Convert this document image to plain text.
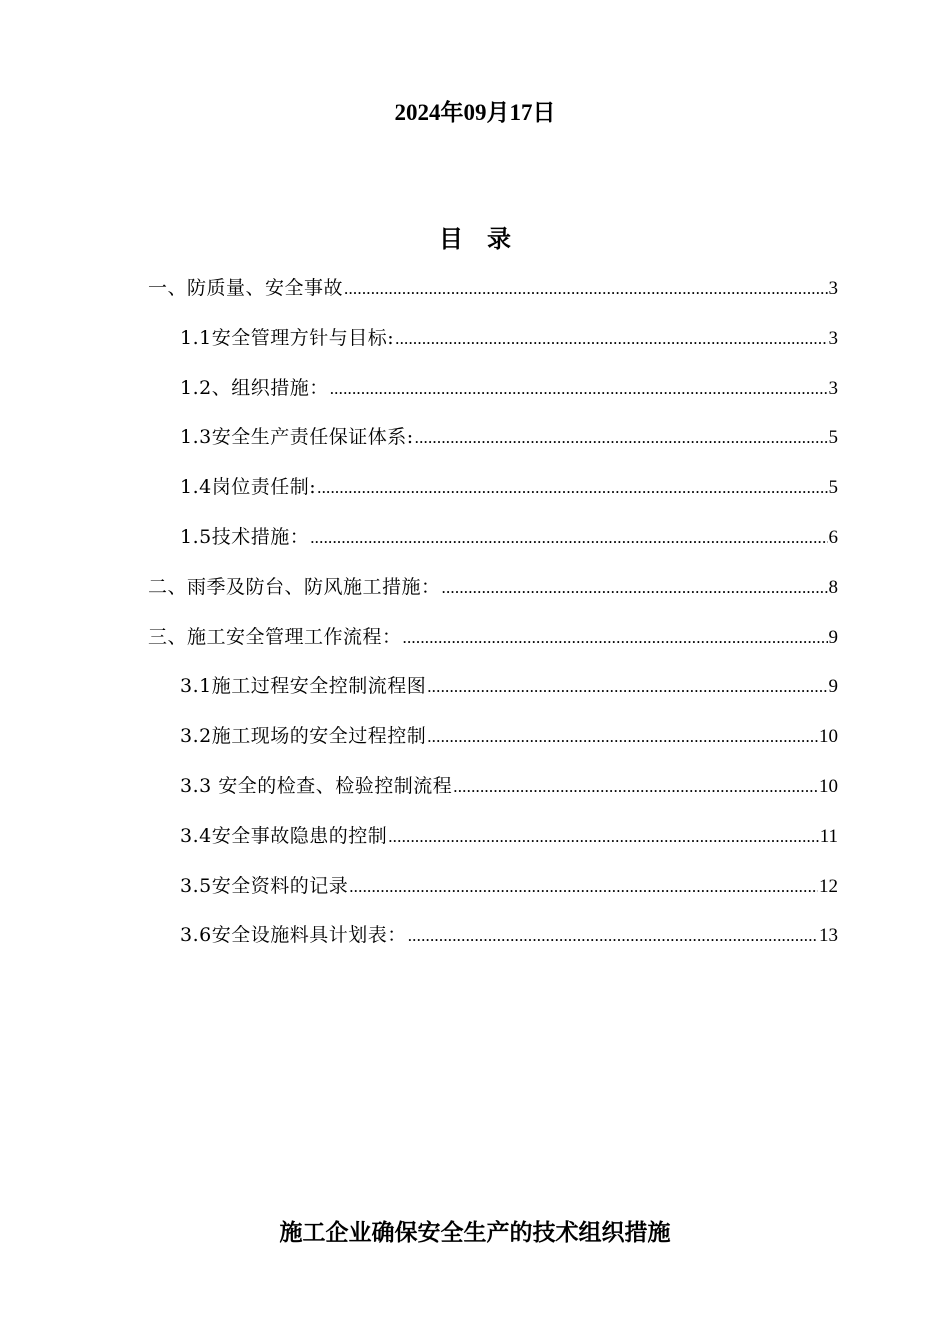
2024年09月17日
目　录
一、防质量、安全事故 .....	3
1.1安全管理方针与目标: .....	3
1.2、组织措施： .....	3
1.3安全生产责任保证体系: .....	5
1.4岗位责任制: .....	5
1.5技术措施： .....	6
二、雨季及防台、防风施工措施： .....	8
三、施工安全管理工作流程： .....	9
3.1施工过程安全控制流程图 .....	9
3.2施工现场的安全过程控制 .....	10
3.3 安全的检查、检验控制流程 .....	10
3.4安全事故隐患的控制 .....	11
3.5安全资料的记录 .....	12
3.6安全设施料具计划表： .....	13
施工企业确保安全生产的技术组织措施
